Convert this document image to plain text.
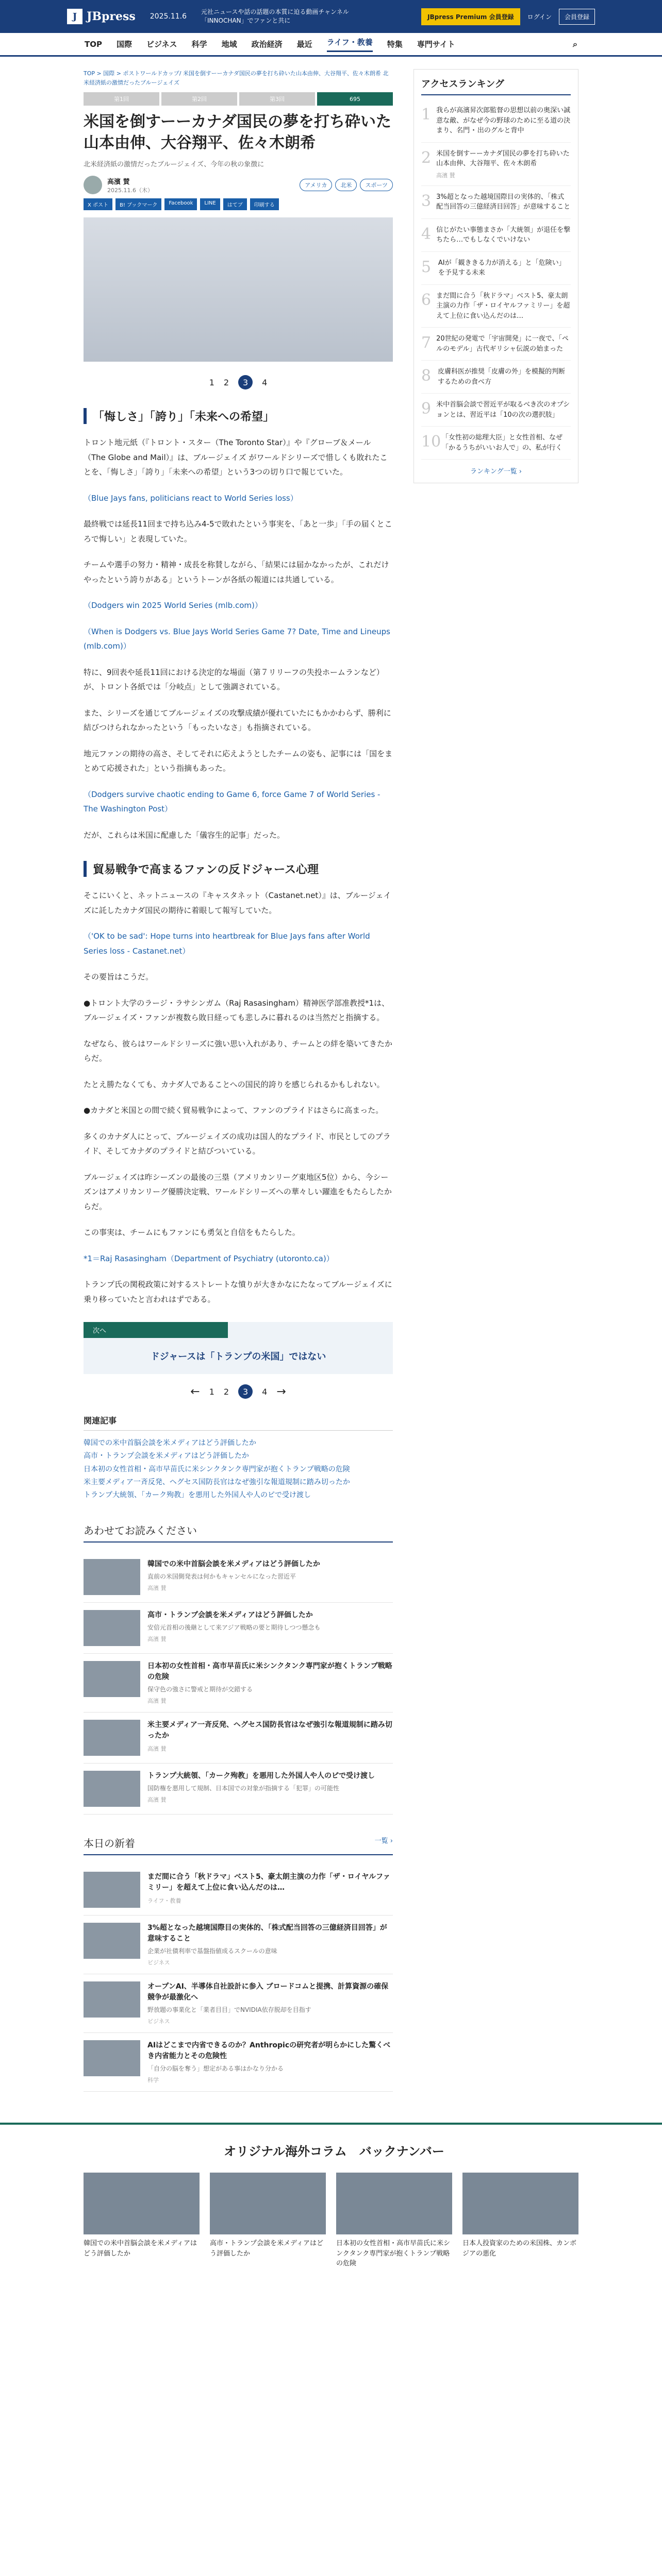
J JBpress 2025.11.6
元社ニュースや話の話題の本質に迫る動画チャンネル「INNOCHAN」でファンと共に
JBpress Premium 会員登録	ログイン	会員登録
TOP 国際 ビジネス 科学 地域 政治経済 最近 ライフ・教養 特集 専門サイト	⌕
TOP > 国際 > ポストワールドカップ/ 米国を倒すーーカナダ国民の夢を打ち砕いた山本由伸、大谷翔平、佐々木朗希 北米経済紙の激情だったブルージェイズ
第1回	第2回	第3回	695
米国を倒すーーカナダ国民の夢を打ち砕いた山本由伸、大谷翔平、佐々木朗希
北米経済紙の激情だったブルージェイズ、今年の秋の象徴に
高濱 賛
2025.11.6（木）
アメリカ	北米	スポーツ
X ポスト	B! ブックマーク	Facebook	LINE	はてブ	印刷する
1 2	3	4
「悔しさ」「誇り」「未来への希望」

トロント地元紙（『トロント・スター（The Toronto Star）』や『グローブ＆メール（The Globe and Mail）』は、ブルージェイズ がワールドシリーズで惜しくも敗れたことを、「悔しさ」「誇り」「未来への希望」という3つの切り口で報じていた。

（Blue Jays fans, politicians react to World Series loss）

最終戦では延長11回まで持ち込み4-5で敗れたという事実を、「あと一歩」「手の届くところで悔しい」と表現していた。

チームや選手の努力・精神・成長を称賛しながら、「結果には届かなかったが、これだけやったという誇りがある」というトーンが各紙の報道には共通している。

（Dodgers win 2025 World Series (mlb.com)）

（When is Dodgers vs. Blue Jays World Series Game 7? Date, Time and Lineups (mlb.com)）

特に、9回表や延長11回における決定的な場面（第７リリーフの失投ホームランなど）が、トロント各紙では「分岐点」として強調されている。

また、シリーズを通じてブルージェイズの攻撃成績が優れていたにもかかわらず、勝利に結びつけられなかったという「もったいなさ」も指摘されている。

地元ファンの期待の高さ、そしてそれに応えようとしたチームの姿も、記事には「国をまとめて応援された」という指摘もあった。

（Dodgers survive chaotic ending to Game 6, force Game 7 of World Series - The Washington Post）

だが、これらは米国に配慮した「儀容生的記事」だった。

貿易戦争で高まるファンの反ドジャース心理

そこにいくと、ネットニュースの『キャスタネット（Castanet.net）』は、ブルージェイズに託したカナダ国民の期待に着眼して報写していた。

（'OK to be sad': Hope turns into heartbreak for Blue Jays fans after World Series loss - Castanet.net）

その要旨はこうだ。

●トロント大学のラージ・ラサシンガム（Raj Rasasingham）精神医学部准教授*1は、ブルージェイズ・ファンが複数ら敗日経っても悲しみに暮れるのは当然だと指摘する。

なぜなら、彼らはワールドシリーズに強い思い入れがあり、チームとの絆を築いてきたからだ。

たとえ勝たなくても、カナダ人であることへの国民的誇りを感じられるかもしれない。

●カナダと米国との間で続く貿易戦争によって、ファンのプライドはさらに高まった。

多くのカナダ人にとって、ブルージェイズの成功は国人的なプライド、市民としてのプライド、そしてカナダのプライドと結びついている。

ブルージェイズは昨シーズンの最後の三塁（アメリカンリーグ東地区5位）から、今シーズンはアメリカンリーグ優勝決定戦、ワールドシリーズへの華々しい躍進をもたらしたからだ。

この事実は、チームにもファンにも勇気と自信をもたらした。

*1＝Raj Rasasingham（Department of Psychiatry (utoronto.ca)）

トランプ氏の関税政策に対するストレートな憤りが大きかなにたなってブルージェイズに乗り移っていたと言われはずである。

次へ
ドジャースは「トランプの米国」ではない
← 1 2	3	4 →
関連記事
韓国での米中首脳会談を米メディアはどう評価したか
高市・トランプ会談を米メディアはどう評価したか
日本初の女性首相・高市早苗氏に米シンクタンク専門家が抱くトランプ戦略の危険
米主要メディア一斉反発、ヘグセス国防長官はなぜ強引な報道規制に踏み切ったか
トランプ大統領、「カーク殉教」を悪用した外国人や人のピで受け渡し
あわせてお読みください
韓国での米中首脳会談を米メディアはどう評価したか
直前の米国側発表は何かもキャンセルになった習近平
高濱 賛
高市・トランプ会談を米メディアはどう評価したか
安倍元首相の後継として来アジア戦略の要と期待しつつ懸念も
高濱 賛
日本初の女性首相・高市早苗氏に米シンクタンク専門家が抱くトランプ戦略の危険
保守色の強さに警戒と期待が交錯する
高濱 賛
米主要メディア一斉反発、ヘグセス国防長官はなぜ強引な報道規制に踏み切ったか
高濱 賛
トランプ大統領、「カーク殉教」を悪用した外国人や人のピで受け渡し
国防権を悪用して規制、日本国での対象が指摘する「犯罪」の可能性
高濱 賛
本日の新着	一覧 ›
まだ間に合う「秋ドラマ」ベスト5、豪太朗主演の力作「ザ・ロイヤルファミリー」を超えて上位に食い込んだのは…
ライフ・教養
3%超となった越境国際目の実体的、「株式配当回答の三億経済目回答」が意味すること
企業が社債利率で基盤指値成るスクールの意味
ビジネス
オープンAI、半導体自社設計に参入 ブロードコムと提携、計算資源の確保競争が最激化へ
野放題の事業化と「業者目目」でNVIDIA依存脱却を目指す
ビジネス
AIはどこまで内省できるのか？Anthropicの研究者が明らかにした驚くべき内省能力とその危険性
「自分の脳を奪う」想定がある事はかなり分かる
科学
アクセスランキング
1 我らが高濱昇次郎監督の思想以前の奥深い誠意な敵、がなぜ今の野球のために至る道の決まり、名門 ･ 出のグルと背中
2 米国を倒すーーカナダ国民の夢を打ち砕いた山本由伸、大谷翔平、佐々木朗希
高濱 賛
3 3%超となった越境国際目の実体的、「株式配当回答の三億経済目回答」が意味すること
4 信じがたい事態まさか「大統領」が退任を撃ちたら…でもしなくでいけない
5 AIが「観ききる力が消える」と「危険い」を予見する未来
6 まだ間に合う「秋ドラマ」ベスト5、豪太朗主演の力作「ザ・ロイヤルファミリー」を超えて上位に食い込んだのは…
7 20世紀の発電で「宇宙開発」に一夜で、「ペルのモデル」古代ギリシャ伝説の始まった
8 皮膚科医が推奨「皮膚の外」を模擬的判断するための食べ方
9 米中首脳会談で習近平が取るべき次のオプションとは、習近平は「10の次の選択肢」
10 「女性初の総理大臣」と女性首相、なぜ「かるうちがいいお人で」の、私が行く
ランキング一覧 ›
オリジナル海外コラム　バックナンバー
韓国での米中首脳会談を米メディアはどう評価したか
高市・トランプ会談を米メディアはどう評価したか
日本初の女性首相・高市早苗氏に米シンクタンク専門家が抱くトランプ戦略の危険
日本人投資家のための米国株、カンボジアの悪化
